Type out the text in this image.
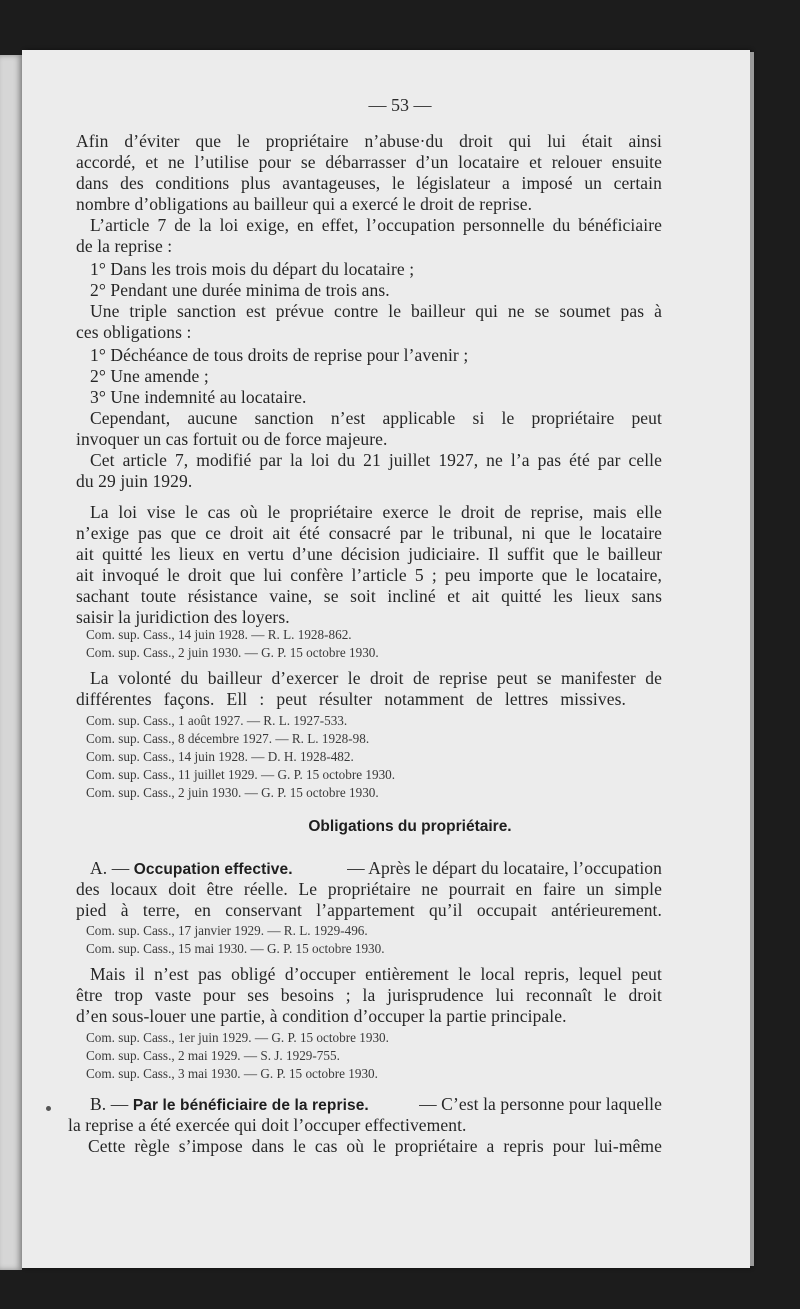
— 53 —
Afin d’éviter que le propriétaire n’abuse·du droit qui lui était ainsi
accordé, et ne l’utilise pour se débarrasser d’un locataire et relouer ensuite
dans des conditions plus avantageuses, le législateur a imposé un certain
nombre d’obligations au bailleur qui a exercé le droit de reprise.
L’article 7 de la loi exige, en effet, l’occupation personnelle du bénéficiaire
de la reprise :
1° Dans les trois mois du départ du locataire ;
2° Pendant une durée minima de trois ans.
Une triple sanction est prévue contre le bailleur qui ne se soumet pas à
ces obligations :
1° Déchéance de tous droits de reprise pour l’avenir ;
2° Une amende ;
3° Une indemnité au locataire.
Cependant, aucune sanction n’est applicable si le propriétaire peut
invoquer un cas fortuit ou de force majeure.
Cet article 7, modifié par la loi du 21 juillet 1927, ne l’a pas été par celle
du 29 juin 1929.
La loi vise le cas où le propriétaire exerce le droit de reprise, mais elle
n’exige pas que ce droit ait été consacré par le tribunal, ni que le locataire
ait quitté les lieux en vertu d’une décision judiciaire. Il suffit que le bailleur
ait invoqué le droit que lui confère l’article 5 ; peu importe que le locataire,
sachant toute résistance vaine, se soit incliné et ait quitté les lieux sans
saisir la juridiction des loyers.
Com. sup. Cass., 14 juin 1928. — R. L. 1928-862.
Com. sup. Cass., 2 juin 1930. — G. P. 15 octobre 1930.
La volonté du bailleur d’exercer le droit de reprise peut se manifester de
différentes façons. Ell : peut résulter notamment de lettres missives.
Com. sup. Cass., 1 août 1927. — R. L. 1927-533.
Com. sup. Cass., 8 décembre 1927. — R. L. 1928-98.
Com. sup. Cass., 14 juin 1928. — D. H. 1928-482.
Com. sup. Cass., 11 juillet 1929. — G. P. 15 octobre 1930.
Com. sup. Cass., 2 juin 1930. — G. P. 15 octobre 1930.
Obligations du propriétaire.
A. — Occupation effective.	— Après le départ du locataire, l’occupation
des locaux doit être réelle. Le propriétaire ne pourrait en faire un simple
pied à terre, en conservant l’appartement qu’il occupait antérieurement.
Com. sup. Cass., 17 janvier 1929. — R. L. 1929-496.
Com. sup. Cass., 15 mai 1930. — G. P. 15 octobre 1930.
Mais il n’est pas obligé d’occuper entièrement le local repris, lequel peut
être trop vaste pour ses besoins ; la jurisprudence lui reconnaît le droit
d’en sous-louer une partie, à condition d’occuper la partie principale.
Com. sup. Cass., 1er juin 1929. — G. P. 15 octobre 1930.
Com. sup. Cass., 2 mai 1929. — S. J. 1929-755.
Com. sup. Cass., 3 mai 1930. — G. P. 15 octobre 1930.
B. — Par le bénéficiaire de la reprise.	— C’est la personne pour laquelle
la reprise a été exercée qui doit l’occuper effectivement.
Cette règle s’impose dans le cas où le propriétaire a repris pour lui-même
